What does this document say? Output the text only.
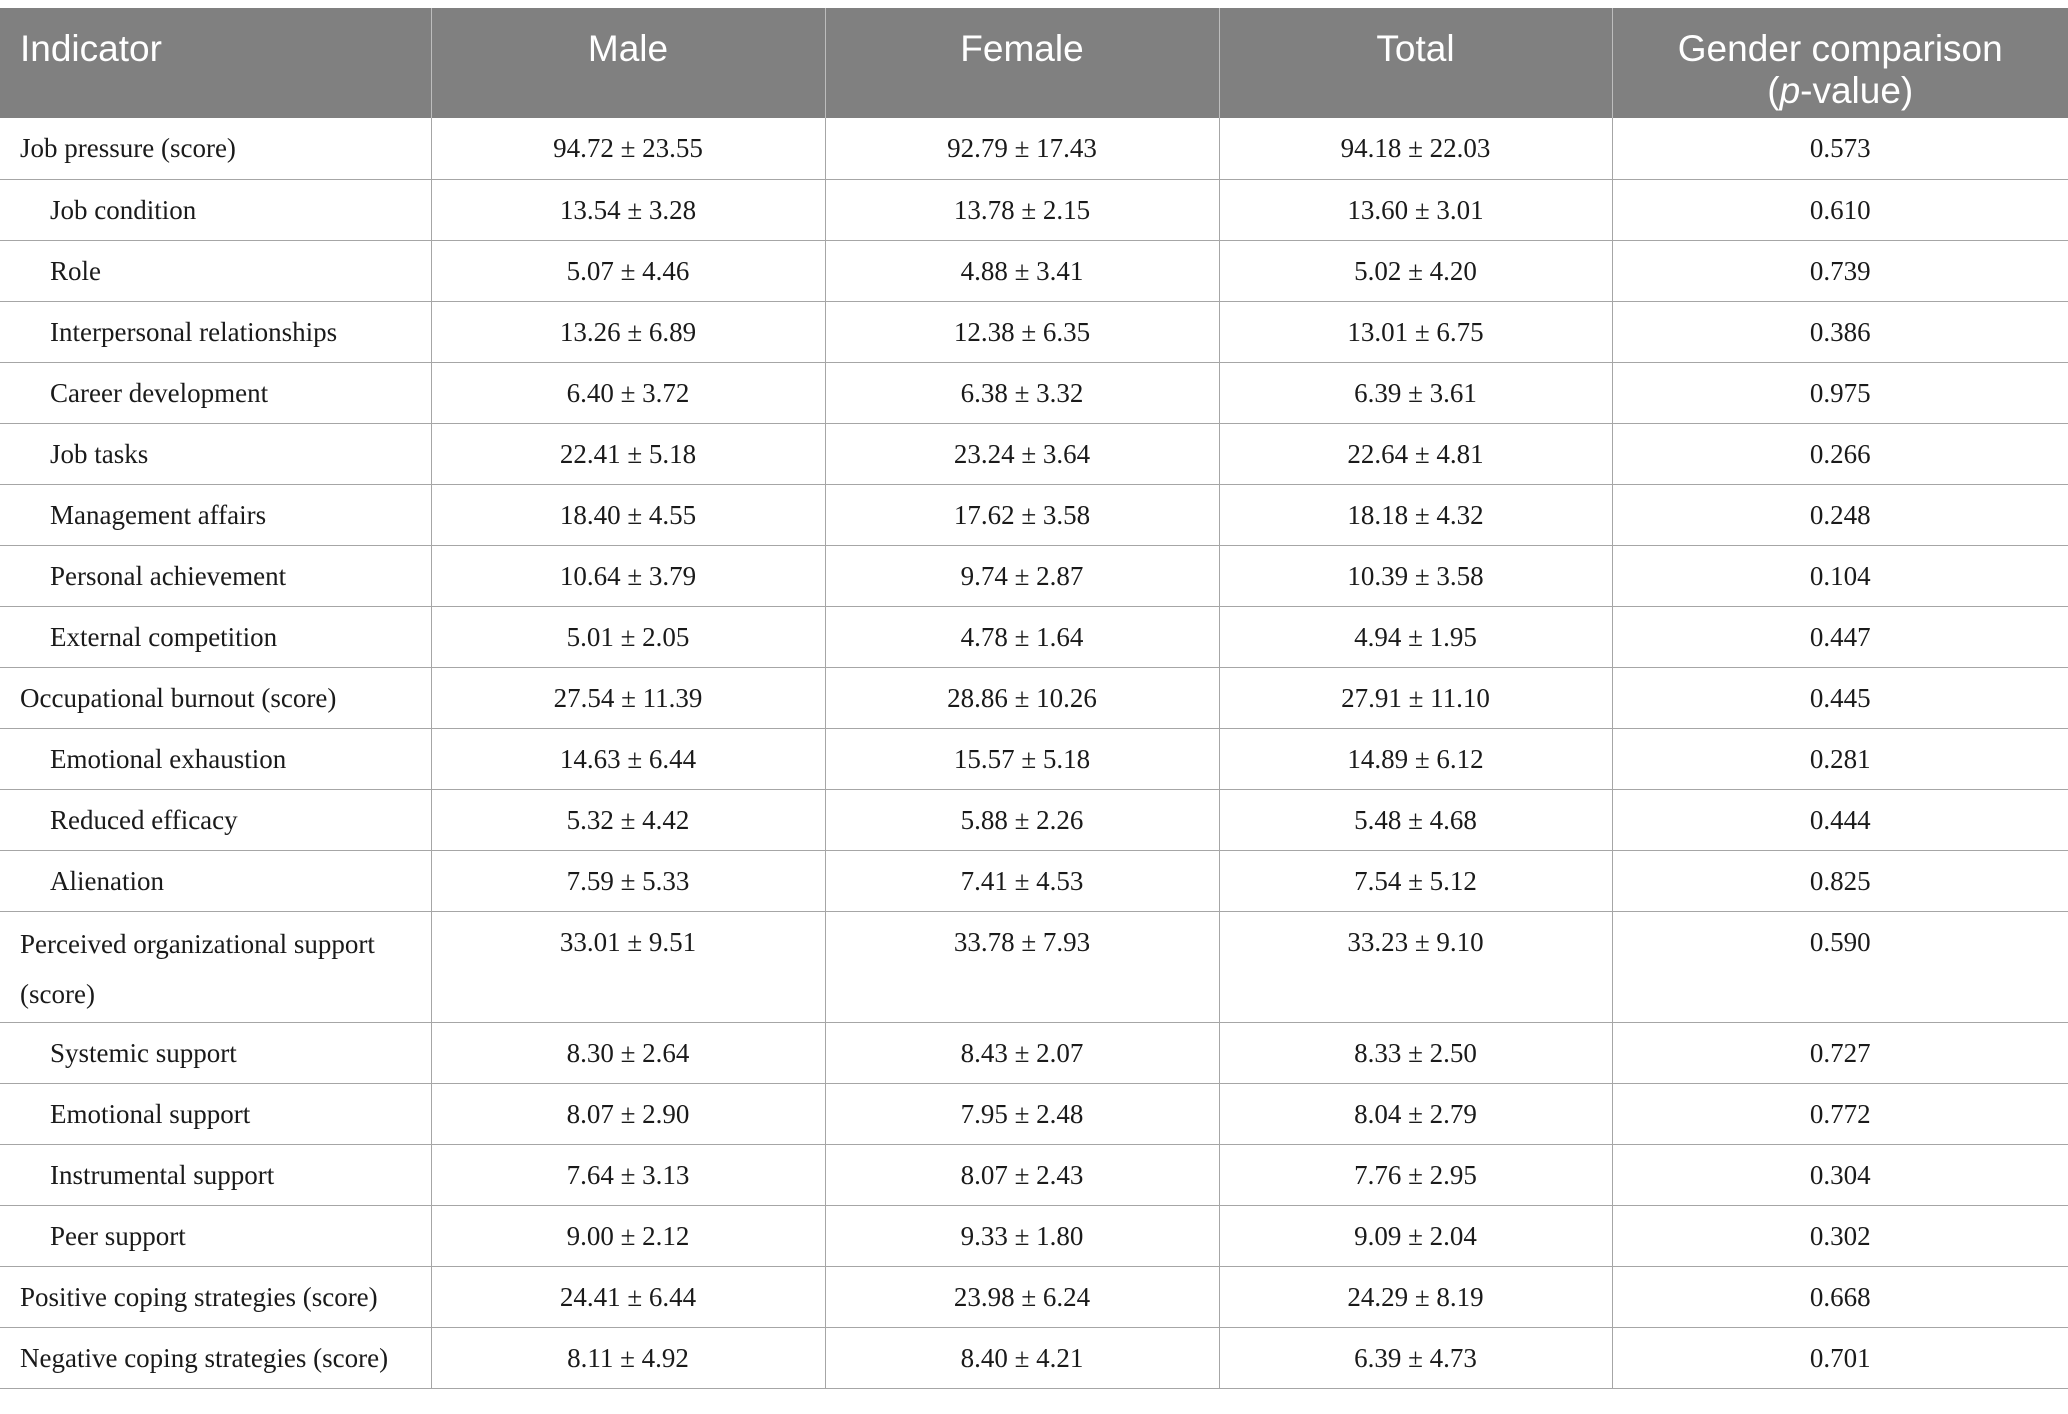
Indicator	Male	Female	Total	Gender comparison
(p-value)
Job pressure (score)	94.72 ± 23.55	92.79 ± 17.43	94.18 ± 22.03	0.573
Job condition	13.54 ± 3.28	13.78 ± 2.15	13.60 ± 3.01	0.610
Role	5.07 ± 4.46	4.88 ± 3.41	5.02 ± 4.20	0.739
Interpersonal relationships	13.26 ± 6.89	12.38 ± 6.35	13.01 ± 6.75	0.386
Career development	6.40 ± 3.72	6.38 ± 3.32	6.39 ± 3.61	0.975
Job tasks	22.41 ± 5.18	23.24 ± 3.64	22.64 ± 4.81	0.266
Management affairs	18.40 ± 4.55	17.62 ± 3.58	18.18 ± 4.32	0.248
Personal achievement	10.64 ± 3.79	9.74 ± 2.87	10.39 ± 3.58	0.104
External competition	5.01 ± 2.05	4.78 ± 1.64	4.94 ± 1.95	0.447
Occupational burnout (score)	27.54 ± 11.39	28.86 ± 10.26	27.91 ± 11.10	0.445
Emotional exhaustion	14.63 ± 6.44	15.57 ± 5.18	14.89 ± 6.12	0.281
Reduced efficacy	5.32 ± 4.42	5.88 ± 2.26	5.48 ± 4.68	0.444
Alienation	7.59 ± 5.33	7.41 ± 4.53	7.54 ± 5.12	0.825
Perceived organizational support (score)	33.01 ± 9.51	33.78 ± 7.93	33.23 ± 9.10	0.590
Systemic support	8.30 ± 2.64	8.43 ± 2.07	8.33 ± 2.50	0.727
Emotional support	8.07 ± 2.90	7.95 ± 2.48	8.04 ± 2.79	0.772
Instrumental support	7.64 ± 3.13	8.07 ± 2.43	7.76 ± 2.95	0.304
Peer support	9.00 ± 2.12	9.33 ± 1.80	9.09 ± 2.04	0.302
Positive coping strategies (score)	24.41 ± 6.44	23.98 ± 6.24	24.29 ± 8.19	0.668
Negative coping strategies (score)	8.11 ± 4.92	8.40 ± 4.21	6.39 ± 4.73	0.701
